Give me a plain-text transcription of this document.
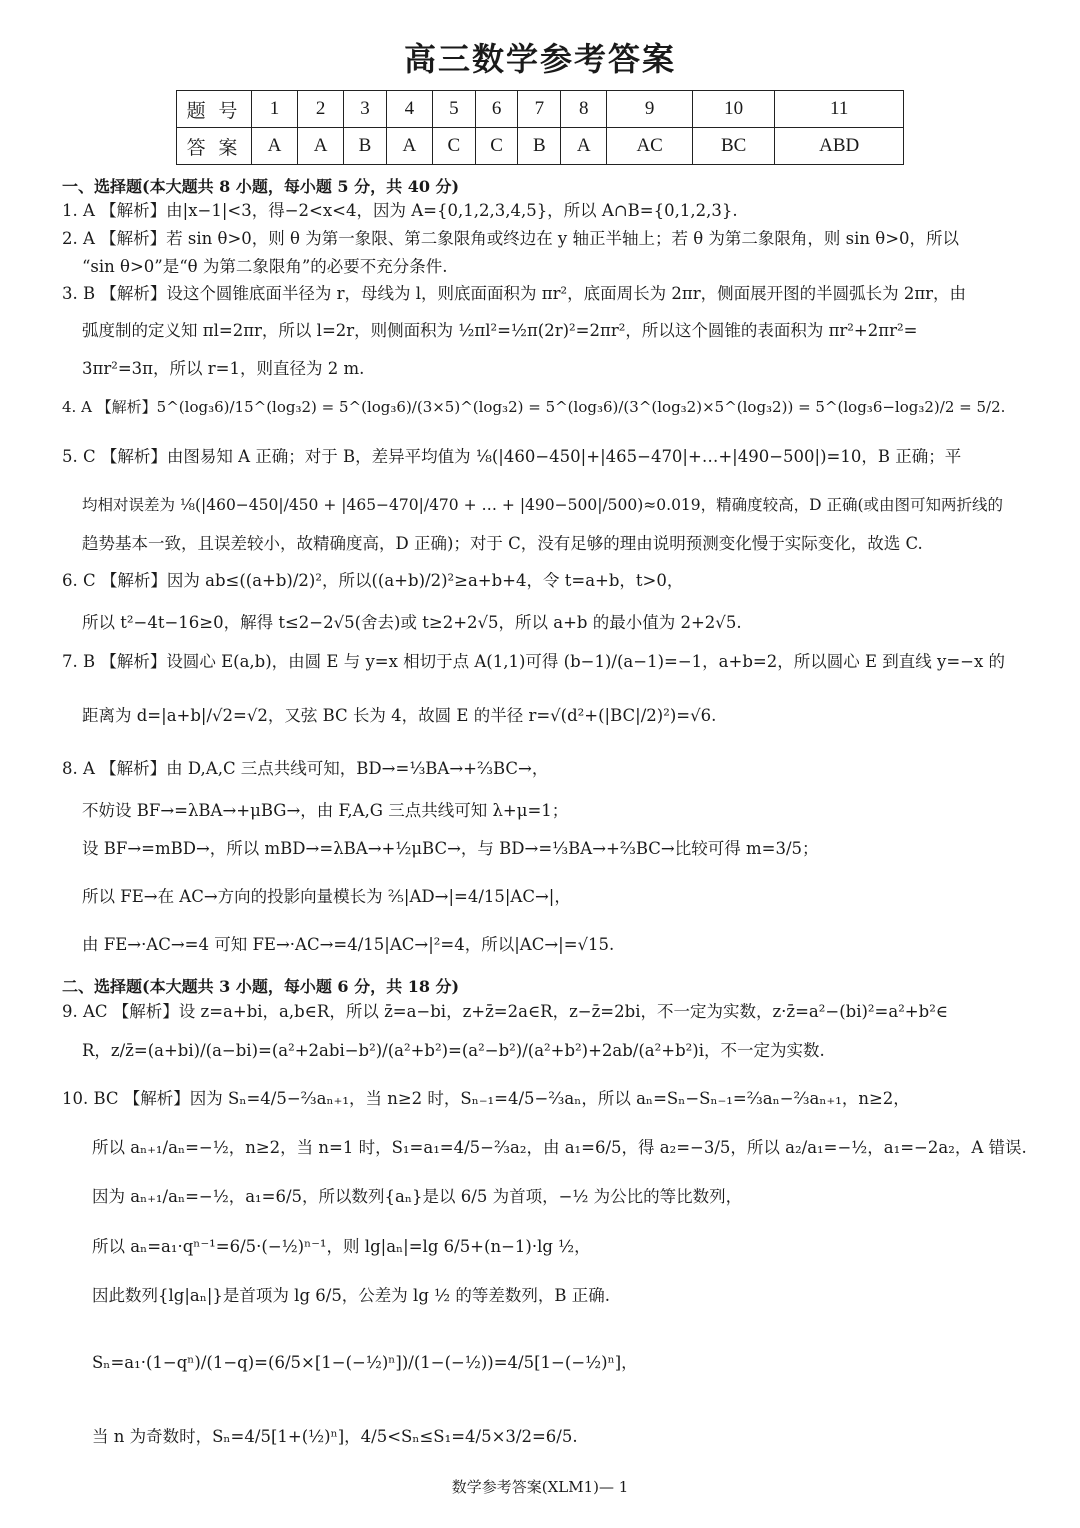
高三数学参考答案
题 号	1	2	3	4	5	6	7	8	9	10	11
答 案	A	A	B	A	C	C	B	A	AC	BC	ABD
一、选择题(本大题共 8 小题，每小题 5 分，共 40 分)
1. A 【解析】由|x−1|<3，得−2<x<4，因为 A={0,1,2,3,4,5}，所以 A∩B={0,1,2,3}.
2. A 【解析】若 sin θ>0，则 θ 为第一象限、第二象限角或终边在 y 轴正半轴上；若 θ 为第二象限角，则 sin θ>0，所以
“sin θ>0”是“θ 为第二象限角”的必要不充分条件.
3. B 【解析】设这个圆锥底面半径为 r，母线为 l，则底面面积为 πr²，底面周长为 2πr，侧面展开图的半圆弧长为 2πr，由
弧度制的定义知 πl=2πr，所以 l=2r，则侧面积为 ½πl²=½π(2r)²=2πr²，所以这个圆锥的表面积为 πr²+2πr²=
3πr²=3π，所以 r=1，则直径为 2 m.
4. A 【解析】5^(log₃6)/15^(log₃2) = 5^(log₃6)/(3×5)^(log₃2) = 5^(log₃6)/(3^(log₃2)×5^(log₃2)) = 5^(log₃6−log₃2)/2 = 5/2.
5. C 【解析】由图易知 A 正确；对于 B，差异平均值为 ⅛(|460−450|+|465−470|+…+|490−500|)=10，B 正确；平
均相对误差为 ⅛(|460−450|/450 + |465−470|/470 + … + |490−500|/500)≈0.019，精确度较高，D 正确(或由图可知两折线的
趋势基本一致，且误差较小，故精确度高，D 正确)；对于 C，没有足够的理由说明预测变化慢于实际变化，故选 C.
6. C 【解析】因为 ab≤((a+b)/2)²，所以((a+b)/2)²≥a+b+4，令 t=a+b，t>0，
所以 t²−4t−16≥0，解得 t≤2−2√5(舍去)或 t≥2+2√5，所以 a+b 的最小值为 2+2√5.
7. B 【解析】设圆心 E(a,b)，由圆 E 与 y=x 相切于点 A(1,1)可得 (b−1)/(a−1)=−1，a+b=2，所以圆心 E 到直线 y=−x 的
距离为 d=|a+b|/√2=√2，又弦 BC 长为 4，故圆 E 的半径 r=√(d²+(|BC|/2)²)=√6.
8. A 【解析】由 D,A,C 三点共线可知，BD→=⅓BA→+⅔BC→，
不妨设 BF→=λBA→+μBG→，由 F,A,G 三点共线可知 λ+μ=1；
设 BF→=mBD→，所以 mBD→=λBA→+½μBC→，与 BD→=⅓BA→+⅔BC→比较可得 m=3/5；
所以 FE→在 AC→方向的投影向量模长为 ⅖|AD→|=4/15|AC→|，
由 FE→·AC→=4 可知 FE→·AC→=4/15|AC→|²=4，所以|AC→|=√15.
二、选择题(本大题共 3 小题，每小题 6 分，共 18 分)
9. AC 【解析】设 z=a+bi，a,b∈R，所以 z̄=a−bi，z+z̄=2a∈R，z−z̄=2bi，不一定为实数，z·z̄=a²−(bi)²=a²+b²∈
R，z/z̄=(a+bi)/(a−bi)=(a²+2abi−b²)/(a²+b²)=(a²−b²)/(a²+b²)+2ab/(a²+b²)i，不一定为实数.
10. BC 【解析】因为 Sₙ=4/5−⅔aₙ₊₁，当 n≥2 时，Sₙ₋₁=4/5−⅔aₙ，所以 aₙ=Sₙ−Sₙ₋₁=⅔aₙ−⅔aₙ₊₁，n≥2，
所以 aₙ₊₁/aₙ=−½，n≥2，当 n=1 时，S₁=a₁=4/5−⅔a₂，由 a₁=6/5，得 a₂=−3/5，所以 a₂/a₁=−½，a₁=−2a₂，A 错误.
因为 aₙ₊₁/aₙ=−½，a₁=6/5，所以数列{aₙ}是以 6/5 为首项，−½ 为公比的等比数列，
所以 aₙ=a₁·qⁿ⁻¹=6/5·(−½)ⁿ⁻¹，则 lg|aₙ|=lg 6/5+(n−1)·lg ½，
因此数列{lg|aₙ|}是首项为 lg 6/5，公差为 lg ½ 的等差数列，B 正确.
Sₙ=a₁·(1−qⁿ)/(1−q)=(6/5×[1−(−½)ⁿ])/(1−(−½))=4/5[1−(−½)ⁿ]，
当 n 为奇数时，Sₙ=4/5[1+(½)ⁿ]，4/5<Sₙ≤S₁=4/5×3/2=6/5.
数学参考答案(XLM1)— 1
